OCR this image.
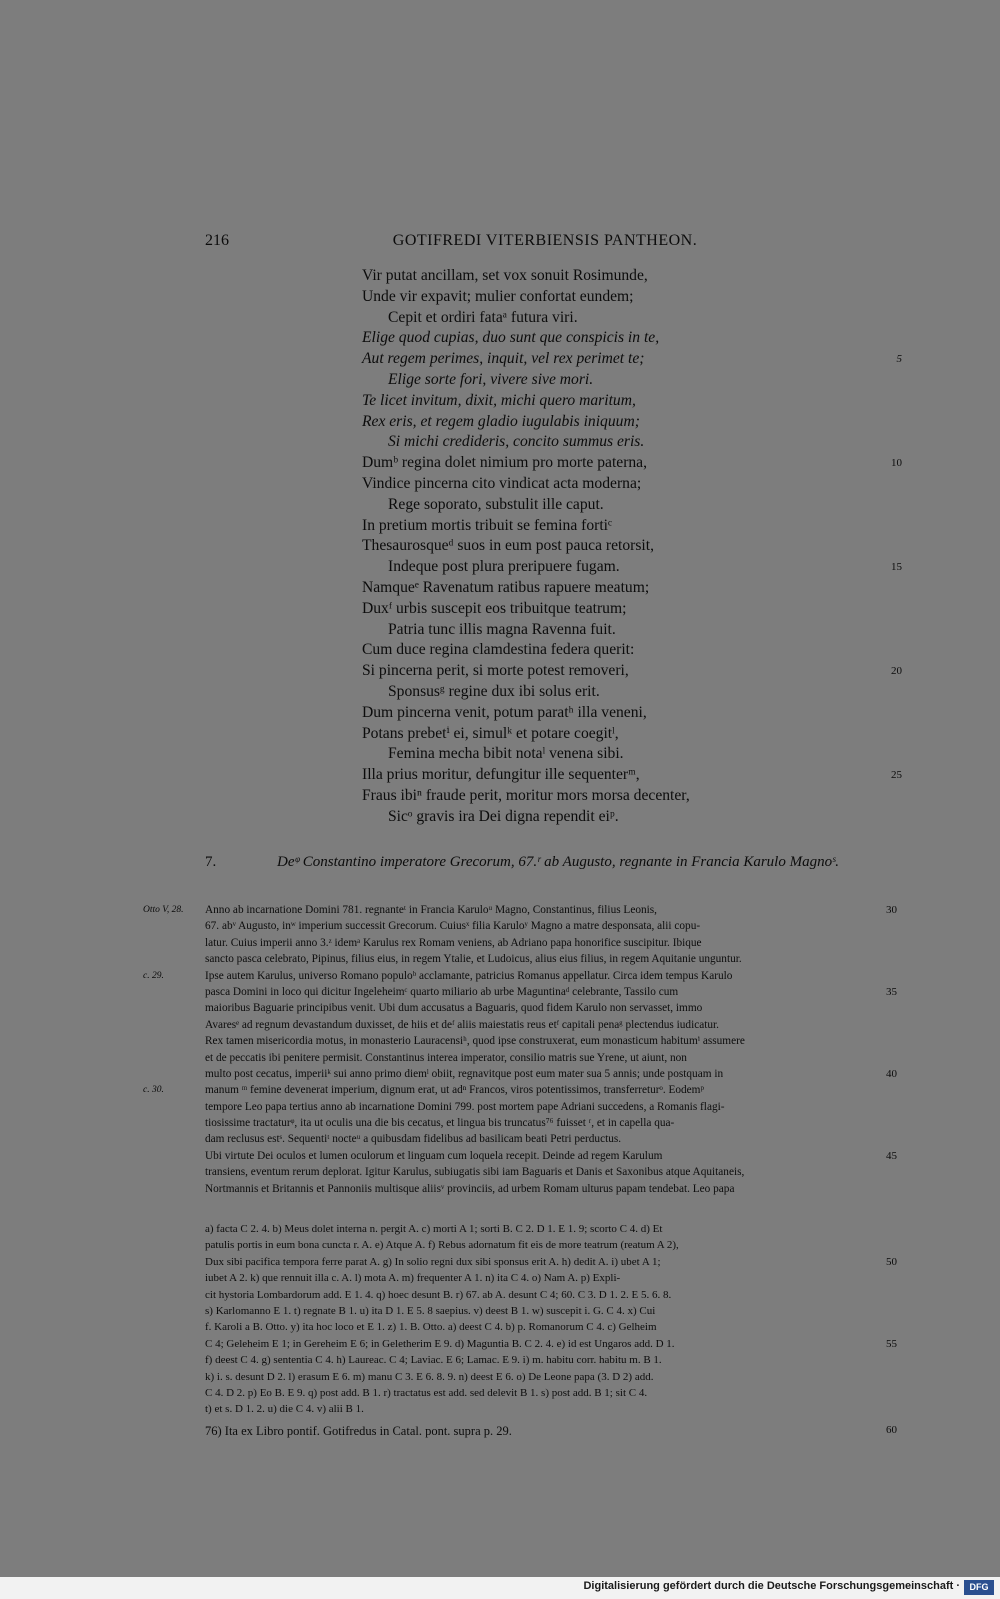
216	GOTIFREDI VITERBIENSIS PANTHEON.
Vir putat ancillam, set vox sonuit Rosimunde,
Unde vir expavit; mulier confortat eundem;
Cepit et ordiri fataᵃ futura viri.
Elige quod cupias, duo sunt que conspicis in te,
Aut regem perimes, inquit, vel rex perimet te;	5
Elige sorte fori, vivere sive mori.
Te licet invitum, dixit, michi quero maritum,
Rex eris, et regem gladio iugulabis iniquum;
Si michi credideris, concito summus eris.
Dumᵇ regina dolet nimium pro morte paterna,	10
Vindice pincerna cito vindicat acta moderna;
Rege soporato, substulit ille caput.
In pretium mortis tribuit se femina fortiᶜ
Thesaurosqueᵈ suos in eum post pauca retorsit,
Indeque post plura preripuere fugam.	15
Namqueᵉ Ravenatum ratibus rapuere meatum;
Duxᶠ urbis suscepit eos tribuitque teatrum;
Patria tunc illis magna Ravenna fuit.
Cum duce regina clamdestina federa querit:
Si pincerna perit, si morte potest removeri,	20
Sponsusᵍ regine dux ibi solus erit.
Dum pincerna venit, potum paratʰ illa veneni,
Potans prebetⁱ ei, simulᵏ et potare coegitˡ,
Femina mecha bibit notaˡ venena sibi.
Illa prius moritur, defungitur ille sequenterᵐ,	25
Fraus ibiⁿ fraude perit, moritur mors morsa decenter,
Sicᵒ gravis ira Dei digna rependit eiᵖ.
7.	Deᵠ Constantino imperatore Grecorum, 67.ʳ ab Augusto, regnante in Francia Karulo Magnoˢ.
Otto V, 28. Anno ab incarnatione Domini 781. regnanteᵗ in Francia Karuloᵘ Magno, Constantinus, filius Leonis,	30
67. abᵛ Augusto, inʷ imperium successit Grecorum. Cuiusˣ filia Karuloʸ Magno a matre desponsata, alii copu-
latur. Cuius imperii anno 3.ᶻ idemᵃ Karulus rex Romam veniens, ab Adriano papa honorifice suscipitur. Ibique
sancto pasca celebrato, Pipinus, filius eius, in regem Ytalie, et Ludoicus, alius eius filius, in regem Aquitanie unguntur.
c. 29.	Ipse autem Karulus, universo Romano populoᵇ acclamante, patricius Romanus appellatur. Circa idem tempus Karulo
pasca Domini in loco qui dicitur Ingeleheimᶜ quarto miliario ab urbe Maguntinaᵈ celebrante, Tassilo cum	35
maioribus Baguarie principibus venit. Ubi dum accusatus a Baguaris, quod fidem Karulo non servasset, immo
Avaresᵉ ad regnum devastandum duxisset, de hiis et deᶠ aliis maiestatis reus etᶠ capitali penaᵍ plectendus iudicatur.
Rex tamen misericordia motus, in monasterio Lauracensiʰ, quod ipse construxerat, eum monasticum habitumⁱ assumere
et de peccatis ibi penitere permisit. Constantinus interea imperator, consilio matris sue Yrene, ut aiunt, non
multo post cecatus, imperiiᵏ sui anno primo diemˡ obiit, regnavitque post eum mater sua 5 annis; unde postquam in	40
c. 30.	manum ᵐ femine devenerat imperium, dignum erat, ut adⁿ Francos, viros potentissimos, transferreturᵒ. Eodemᵖ
tempore Leo papa tertius anno ab incarnatione Domini 799. post mortem pape Adriani succedens, a Romanis flagi-
tiosissime tractaturᵠ, ita ut oculis una die bis cecatus, et lingua bis truncatus⁷⁶ fuisset ʳ, et in capella qua-
dam reclusus estˢ. Sequentiᵗ nocteᵘ a quibusdam fidelibus ad basilicam beati Petri perductus.
Ubi virtute Dei oculos et lumen oculorum et linguam cum loquela recepit. Deinde ad regem Karulum	45
transiens, eventum rerum deplorat. Igitur Karulus, subiugatis sibi iam Baguaris et Danis et Saxonibus atque Aquitaneis,
Nortmannis et Britannis et Pannoniis multisque aliisᵛ provinciis, ad urbem Romam ulturus papam tendebat. Leo papa
a) facta C 2. 4. b) Meus dolet interna n. pergit A. c) morti A 1; sorti B. C 2. D 1. E 1. 9; scorto C 4. d) Et
patulis portis in eum bona cuncta r. A. e) Atque A. f) Rebus adornatum fit eis de more teatrum (reatum A 2),
Dux sibi pacifica tempora ferre parat A. g) In solio regni dux sibi sponsus erit A. h) dedit A. i) ubet A 1;	50
iubet A 2. k) que rennuit illa c. A. l) mota A. m) frequenter A 1. n) ita C 4. o) Nam A. p) Expli-
cit hystoria Lombardorum add. E 1. 4. q) hoec desunt B. r) 67. ab A. desunt C 4; 60. C 3. D 1. 2. E 5. 6. 8.
s) Karlomanno E 1. t) regnate B 1. u) ita D 1. E 5. 8 saepius. v) deest B 1. w) suscepit i. G. C 4. x) Cui
f. Karoli a B. Otto. y) ita hoc loco et E 1. z) 1. B. Otto. a) deest C 4. b) p. Romanorum C 4. c) Gelheim
C 4; Geleheim E 1; in Gereheim E 6; in Geletherim E 9. d) Maguntia B. C 2. 4. e) id est Ungaros add. D 1.	55
f) deest C 4. g) sententia C 4. h) Laureac. C 4; Laviac. E 6; Lamac. E 9. i) m. habitu corr. habitu m. B 1.
k) i. s. desunt D 2. l) erasum E 6. m) manu C 3. E 6. 8. 9. n) deest E 6. o) De Leone papa (3. D 2) add.
C 4. D 2. p) Eo B. E 9. q) post add. B 1. r) tractatus est add. sed delevit B 1. s) post add. B 1; sit C 4.
t) et s. D 1. 2. u) die C 4. v) alii B 1.
76) Ita ex Libro pontif. Gotifredus in Catal. pont. supra p. 29.	60
Digitalisierung gefördert durch die Deutsche Forschungsgemeinschaft ·	DFG
